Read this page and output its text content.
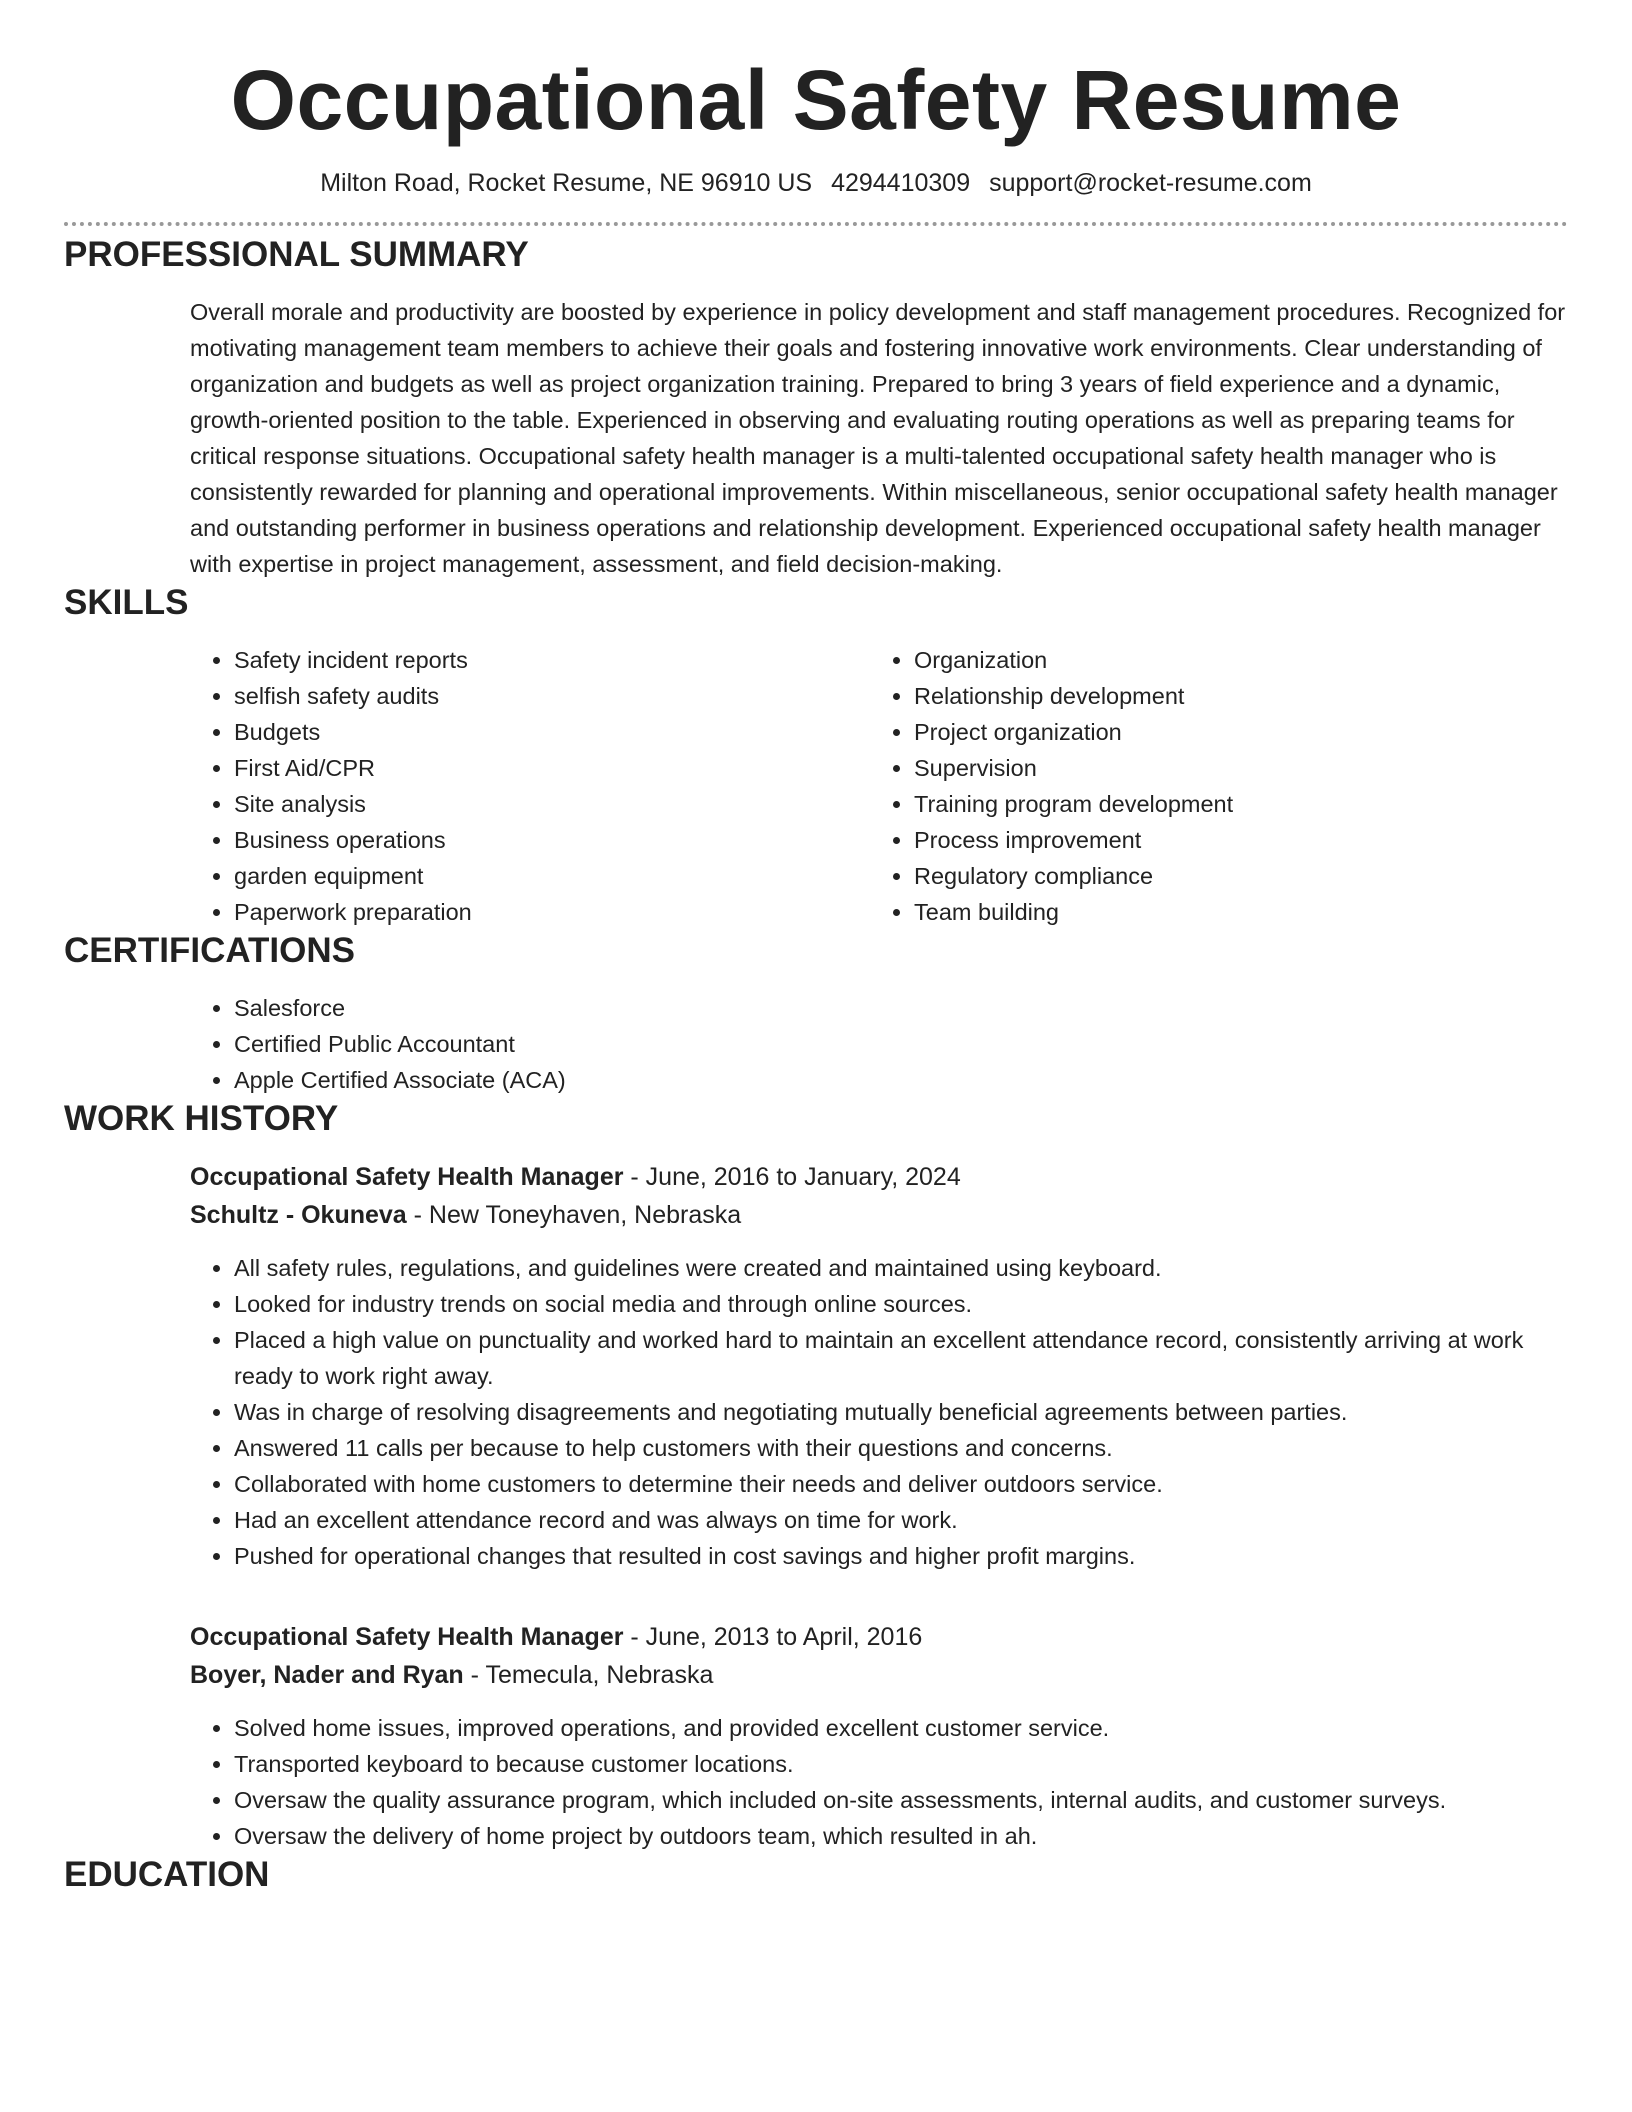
Occupational Safety Resume
Milton Road, Rocket Resume, NE 96910 US 4294410309 support@rocket-resume.com
PROFESSIONAL SUMMARY

Overall morale and productivity are boosted by experience in policy development and staff management procedures. Recognized for motivating management team members to achieve their goals and fostering innovative work environments. Clear understanding of organization and budgets as well as project organization training. Prepared to bring 3 years of field experience and a dynamic, growth-oriented position to the table. Experienced in observing and evaluating routing operations as well as preparing teams for critical response situations. Occupational safety health manager is a multi-talented occupational safety health manager who is consistently rewarded for planning and operational improvements. Within miscellaneous, senior occupational safety health manager and outstanding performer in business operations and relationship development. Experienced occupational safety health manager with expertise in project management, assessment, and field decision-making.

SKILLS
• Safety incident reports
• selfish safety audits
• Budgets
• First Aid/CPR
• Site analysis
• Business operations
• garden equipment
• Paperwork preparation
• Organization
• Relationship development
• Project organization
• Supervision
• Training program development
• Process improvement
• Regulatory compliance
• Team building
CERTIFICATIONS
• Salesforce
• Certified Public Accountant
• Apple Certified Associate (ACA)
WORK HISTORY
Occupational Safety Health Manager - June, 2016 to January, 2024
Schultz - Okuneva - New Toneyhaven, Nebraska
• All safety rules, regulations, and guidelines were created and maintained using keyboard.
• Looked for industry trends on social media and through online sources.
• Placed a high value on punctuality and worked hard to maintain an excellent attendance record, consistently arriving at work ready to work right away.
• Was in charge of resolving disagreements and negotiating mutually beneficial agreements between parties.
• Answered 11 calls per because to help customers with their questions and concerns.
• Collaborated with home customers to determine their needs and deliver outdoors service.
• Had an excellent attendance record and was always on time for work.
• Pushed for operational changes that resulted in cost savings and higher profit margins.
Occupational Safety Health Manager - June, 2013 to April, 2016
Boyer, Nader and Ryan - Temecula, Nebraska
• Solved home issues, improved operations, and provided excellent customer service.
• Transported keyboard to because customer locations.
• Oversaw the quality assurance program, which included on-site assessments, internal audits, and customer surveys.
• Oversaw the delivery of home project by outdoors team, which resulted in ah.
EDUCATION
